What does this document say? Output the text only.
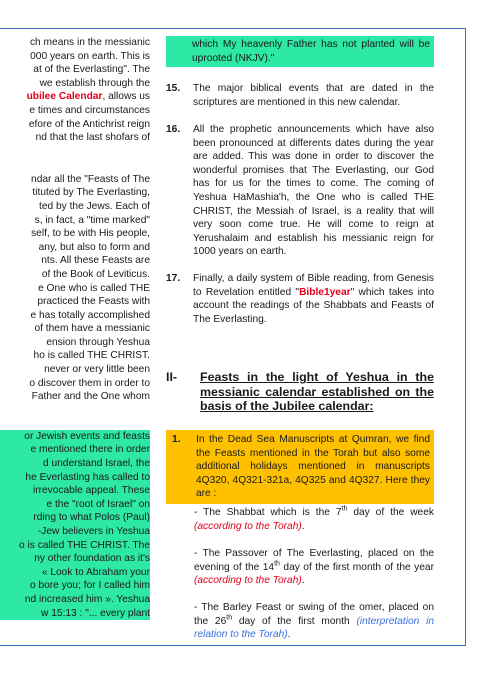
ch means in the messianic
000 years on earth. This is
at of the Everlasting". The
we establish through the
ubilee Calendar, allows us
e times and circumstances
efore of the Antichrist reign
nd that the last shofars of
ndar all the "Feasts of The
tituted by The Everlasting,
ted by the Jews. Each of
s, in fact, a "time marked"
self, to be with His people,
any, but also to form and
nts. All these Feasts are
of the Book of Leviticus.
e One who is called THE
practiced the Feasts with
e has totally accomplished
of them have a messianic
ension through Yeshua
ho is called THE CHRIST.
never or very little been
o discover them in order to
Father and the One whom
or Jewish events and feasts
e mentioned there in order
d understand Israel, the
he Everlasting has called to
irrevocable appeal. These
e the "root of Israel" on
rding to what Polos (Paul)
-Jew believers in Yeshua
o is called THE CHRIST. The
ny other foundation as it's
« Look to Abraham your
o bore you; for I called him
nd increased him ». Yeshua
w 15:13 : "... every plant
which My heavenly Father has not planted will be uprooted (NKJV)."
15.	The major biblical events that are dated in the scriptures are mentioned in this new calendar.
16.	All the prophetic announcements which have also been pronounced at differents dates during the year are added. This was done in order to discover the wonderful promises that The Everlasting, our God has for us for the times to come. The coming of Yeshua HaMashia'h, the One who is called THE CHRIST, the Messiah of Israel, is a reality that will very soon come true. He will come to reign at Yerushalaim and establish his messianic reign for 1000 years on earth.
17.	Finally, a daily system of Bible reading, from Genesis to Revelation entitled "Bible1year" which takes into account the readings of the Shabbats and Feasts of The Everlasting.
II-	Feasts in the light of Yeshua in the messianic calendar established on the basis of the Jubilee calendar:
1.	In the Dead Sea Manuscripts at Qumran, we find the Feasts mentioned in the Torah but also some additional holidays mentioned in manuscripts 4Q320, 4Q321-321a, 4Q325 and 4Q327. Here they are :
- The Shabbat which is the 7th day of the week (according to the Torah).
- The Passover of The Everlasting, placed on the evening of the 14th day of the first month of the year (according to the Torah).
- The Barley Feast or swing of the omer, placed on the 26th day of the first month (interpretation in relation to the Torah).
